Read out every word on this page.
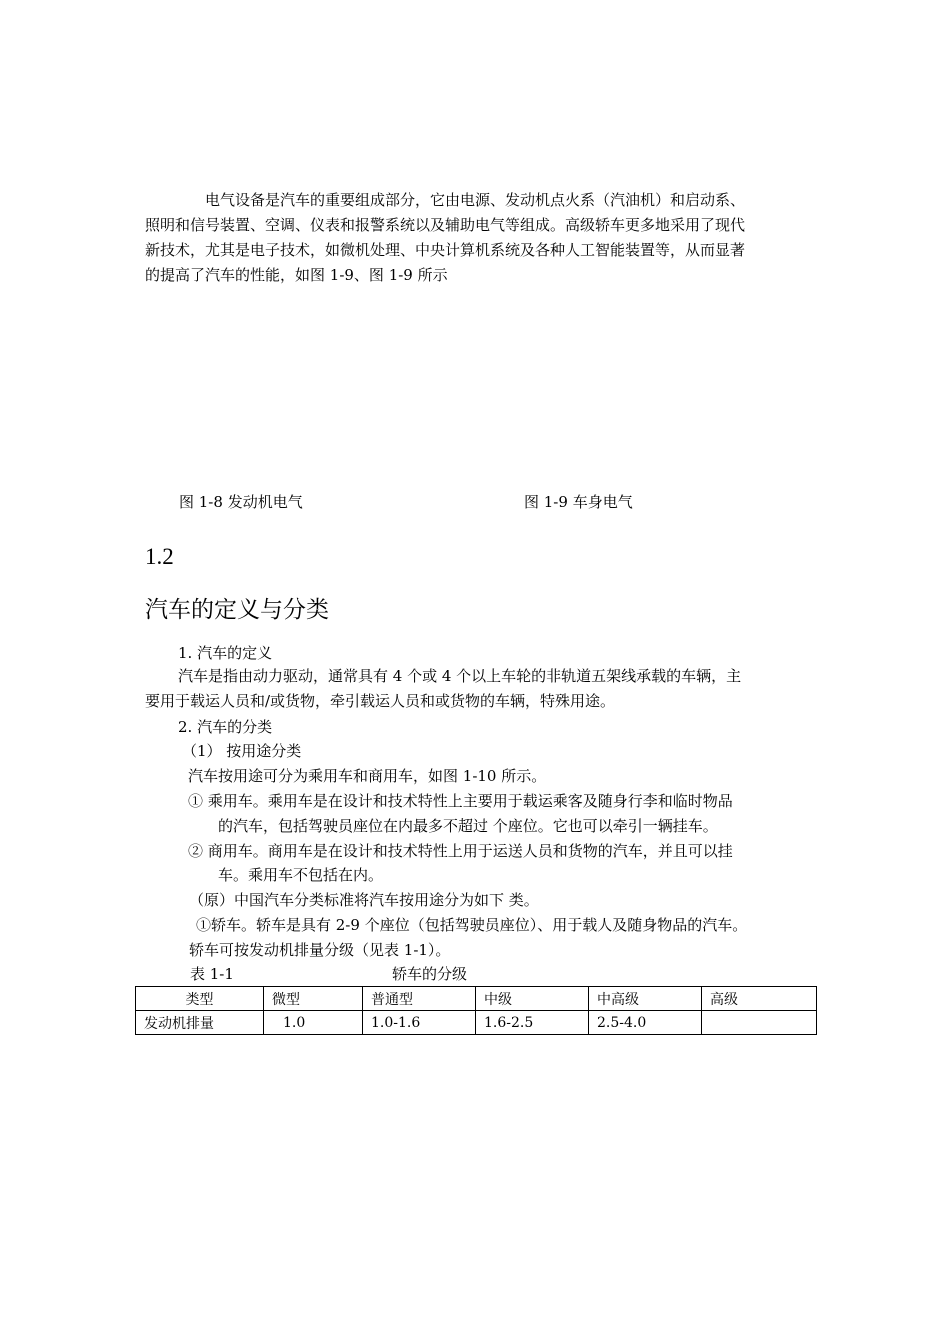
电气设备是汽车的重要组成部分，它由电源、发动机点火系（汽油机）和启动系、
照明和信号装置、空调、仪表和报警系统以及辅助电气等组成。高级轿车更多地采用了现代
新技术，尤其是电子技术，如微机处理、中央计算机系统及各种人工智能装置等，从而显著
的提高了汽车的性能，如图 1-9、图 1-9 所示
图 1-8 发动机电气	图 1-9 车身电气
1.2
汽车的定义与分类
1. 汽车的定义
汽车是指由动力驱动，通常具有 4 个或 4 个以上车轮的非轨道五架线承载的车辆，主
要用于载运人员和/或货物，牵引载运人员和或货物的车辆，特殊用途。
2. 汽车的分类
（1） 按用途分类
汽车按用途可分为乘用车和商用车，如图 1-10 所示。
① 乘用车。乘用车是在设计和技术特性上主要用于载运乘客及随身行李和临时物品
的汽车，包括驾驶员座位在内最多不超过 个座位。它也可以牵引一辆挂车。
② 商用车。商用车是在设计和技术特性上用于运送人员和货物的汽车，并且可以挂
车。乘用车不包括在内。
（原）中国汽车分类标准将汽车按用途分为如下 类。
①轿车。轿车是具有 2-9 个座位（包括驾驶员座位）、用于载人及随身物品的汽车。
轿车可按发动机排量分级（见表 1-1）。
表 1-1	轿车的分级
类型	微型	普通型	中级	中高级	高级
发动机排量	1.0	1.0-1.6	1.6-2.5	2.5-4.0	
